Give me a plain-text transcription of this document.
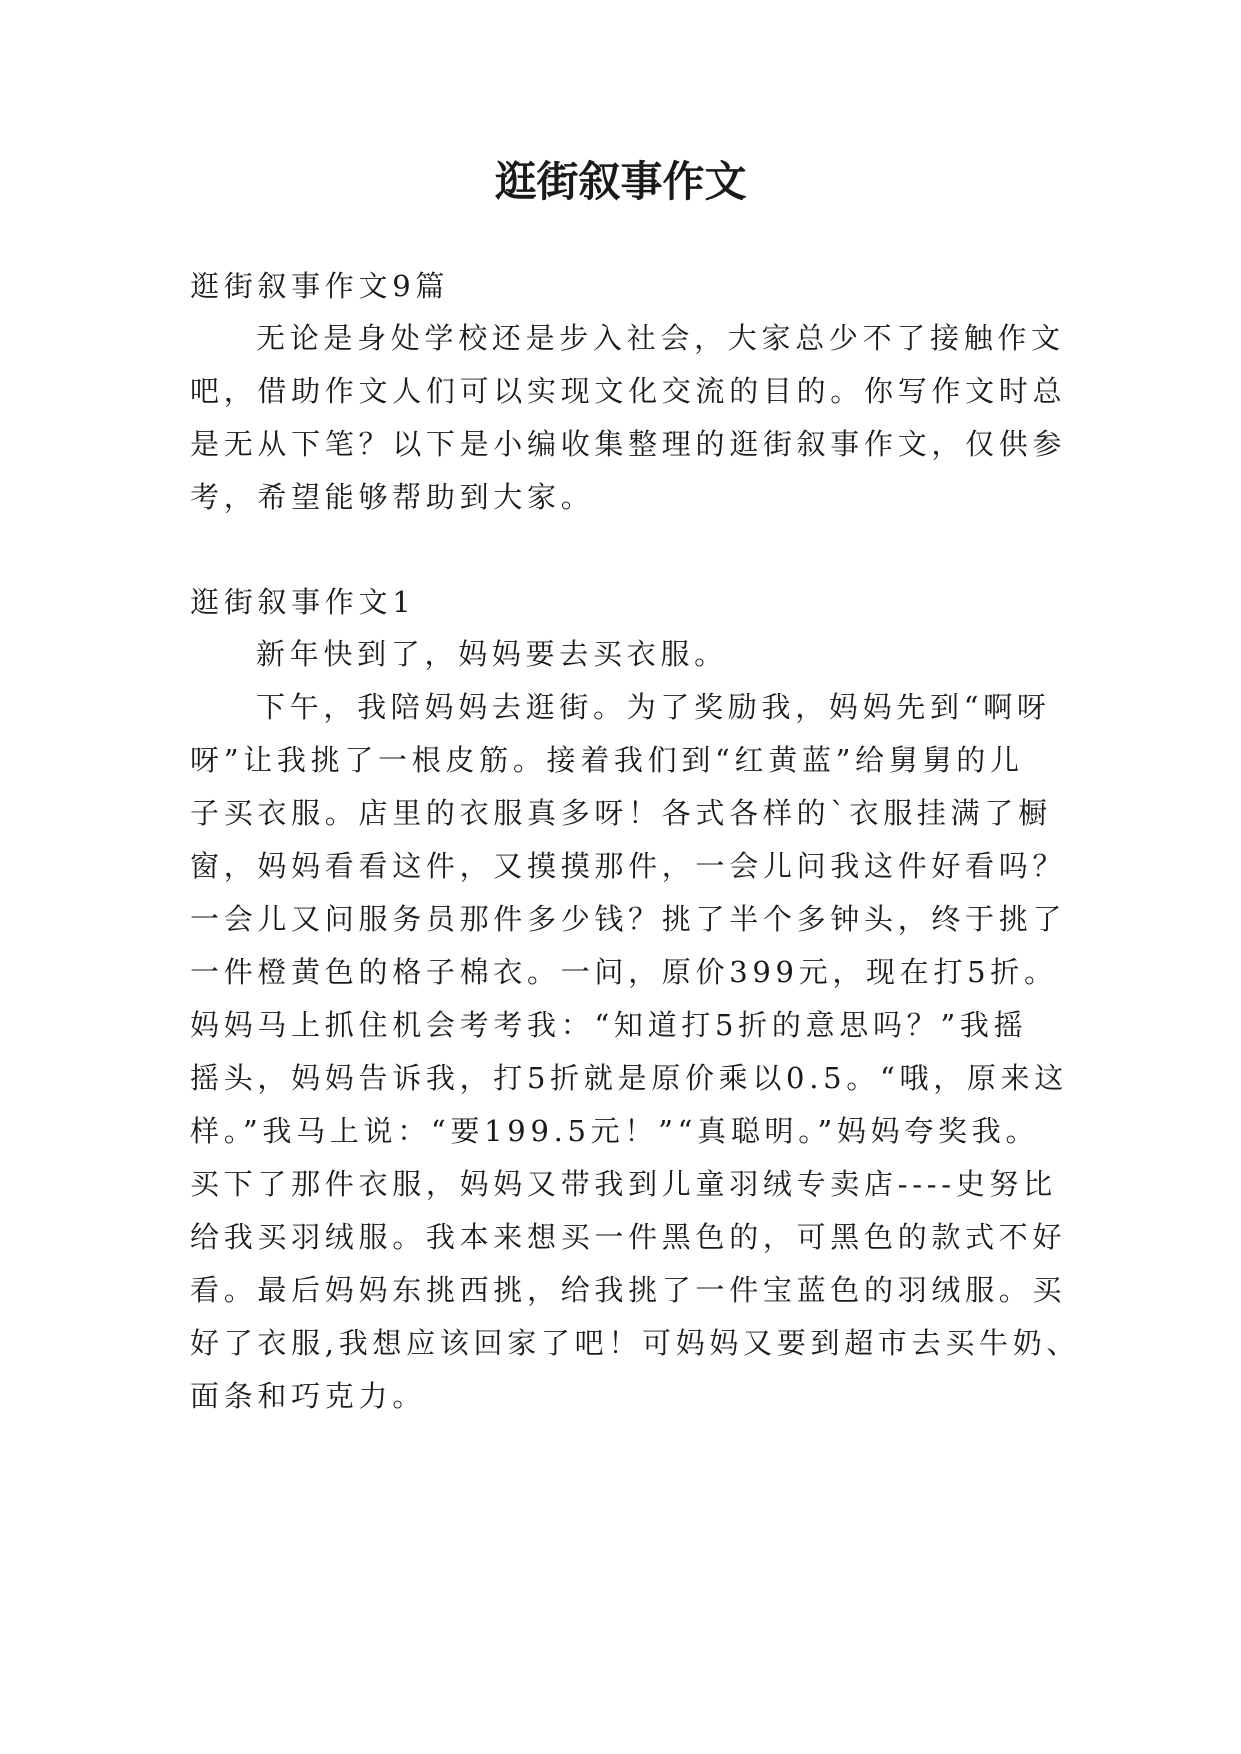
逛街叙事作文

逛街叙事作文9篇

无论是身处学校还是步入社会，大家总少不了接触作文

吧，借助作文人们可以实现文化交流的目的。你写作文时总

是无从下笔？以下是小编收集整理的逛街叙事作文，仅供参

考，希望能够帮助到大家。

逛街叙事作文1

新年快到了，妈妈要去买衣服。

下午，我陪妈妈去逛街。为了奖励我，妈妈先到“啊呀

呀”让我挑了一根皮筋。接着我们到“红黄蓝”给舅舅的儿

子买衣服。店里的衣服真多呀！各式各样的`衣服挂满了橱

窗，妈妈看看这件，又摸摸那件，一会儿问我这件好看吗？

一会儿又问服务员那件多少钱？挑了半个多钟头，终于挑了

一件橙黄色的格子棉衣。一问，原价399元，现在打5折。

妈妈马上抓住机会考考我：“知道打5折的意思吗？”我摇

摇头，妈妈告诉我，打5折就是原价乘以0.5。“哦，原来这

样。”我马上说：“要199.5元！”“真聪明。”妈妈夸奖我。

买下了那件衣服，妈妈又带我到儿童羽绒专卖店----史努比

给我买羽绒服。我本来想买一件黑色的，可黑色的款式不好

看。最后妈妈东挑西挑，给我挑了一件宝蓝色的羽绒服。买

好了衣服,我想应该回家了吧！可妈妈又要到超市去买牛奶、

面条和巧克力。
